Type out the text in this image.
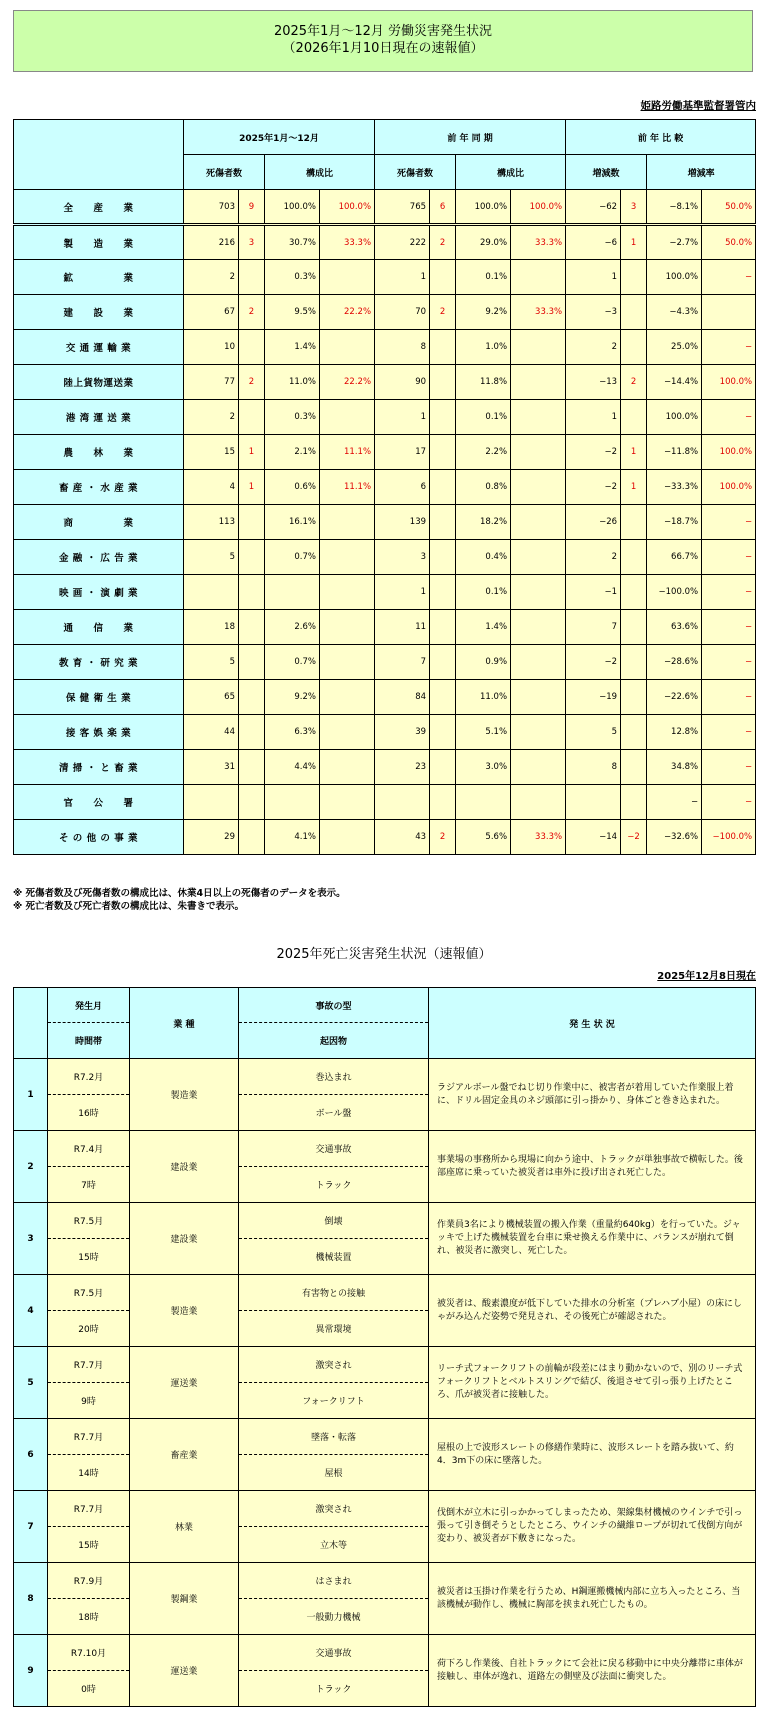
2025年1月～12月 労働災害発生状況
（2026年1月10日現在の速報値）
姫路労働基準監督署管内
	2025年1月～12月				前 年 同 期				前 年 比 較			
	死傷者数		構成比		死傷者数		構成比		増減数		増減率	
全　　産　　業	703	9	100.0%	100.0%	765	6	100.0%	100.0%	−62	3	−8.1%	50.0%
製　　造　　業	216	3	30.7%	33.3%	222	2	29.0%	33.3%	−6	1	−2.7%	50.0%
鉱　　　　　業	2		0.3%		1		0.1%		1		100.0%	−
建　　設　　業	67	2	9.5%	22.2%	70	2	9.2%	33.3%	−3		−4.3%	
交 通 運 輸 業	10		1.4%		8		1.0%		2		25.0%	−
陸上貨物運送業	77	2	11.0%	22.2%	90		11.8%		−13	2	−14.4%	100.0%
港 湾 運 送 業	2		0.3%		1		0.1%		1		100.0%	−
農　　林　　業	15	1	2.1%	11.1%	17		2.2%		−2	1	−11.8%	100.0%
畜 産 ・ 水 産 業	4	1	0.6%	11.1%	6		0.8%		−2	1	−33.3%	100.0%
商　　　　　業	113		16.1%		139		18.2%		−26		−18.7%	−
金 融 ・ 広 告 業	5		0.7%		3		0.4%		2		66.7%	−
映 画 ・ 演 劇 業					1		0.1%		−1		−100.0%	−
通　　信　　業	18		2.6%		11		1.4%		7		63.6%	−
教 育 ・ 研 究 業	5		0.7%		7		0.9%		−2		−28.6%	−
保 健 衛 生 業	65		9.2%		84		11.0%		−19		−22.6%	−
接 客 娯 楽 業	44		6.3%		39		5.1%		5		12.8%	−
清 掃 ・ と 畜 業	31		4.4%		23		3.0%		8		34.8%	−
官　　公　　署											−	−
そ の 他 の 事 業	29		4.1%		43	2	5.6%	33.3%	−14	−2	−32.6%	−100.0%
※ 死傷者数及び死傷者数の構成比は、休業4日以上の死傷者のデータを表示。
※ 死亡者数及び死亡者数の構成比は、朱書きで表示。
2025年死亡災害発生状況（速報値）
2025年12月8日現在
	発生月	業 種	事故の型	発 生 状 況
	時間帯		起因物	
1	R7.2月	製造業	巻込まれ	ラジアルボール盤でねじ切り作業中に、被害者が着用していた作業服上着に、ドリル固定金具のネジ頭部に引っ掛かり、身体ごと巻き込まれた。
	16時		ボール盤	
2	R7.4月	建設業	交通事故	事業場の事務所から現場に向かう途中、トラックが単独事故で横転した。後部座席に乗っていた被災者は車外に投げ出され死亡した。
	7時		トラック	
3	R7.5月	建設業	倒壊	作業員3名により機械装置の搬入作業（重量約640kg）を行っていた。ジャッキで上げた機械装置を台車に乗せ換える作業中に、バランスが崩れて倒れ、被災者に激突し、死亡した。
	15時		機械装置	
4	R7.5月	製造業	有害物との接触	被災者は、酸素濃度が低下していた排水の分析室（プレハブ小屋）の床にしゃがみ込んだ姿勢で発見され、その後死亡が確認された。
	20時		異常環境	
5	R7.7月	運送業	激突され	リーチ式フォークリフトの前輪が段差にはまり動かないので、別のリーチ式フォークリフトとベルトスリングで結び、後退させて引っ張り上げたところ、爪が被災者に接触した。
	9時		フォークリフト	
6	R7.7月	畜産業	墜落・転落	屋根の上で波形スレートの修繕作業時に、波形スレートを踏み抜いて、約4．3m下の床に墜落した。
	14時		屋根	
7	R7.7月	林業	激突され	伐倒木が立木に引っかかってしまったため、架線集材機械のウインチで引っ張って引き倒そうとしたところ、ウインチの繊維ロープが切れて伐倒方向が変わり、被災者が下敷きになった。
	15時		立木等	
8	R7.9月	製鋼業	はさまれ	被災者は玉掛け作業を行うため、H鋼運搬機械内部に立ち入ったところ、当該機械が動作し、機械に胸部を挟まれ死亡したもの。
	18時		一般動力機械	
9	R7.10月	運送業	交通事故	荷下ろし作業後、自社トラックにて会社に戻る移動中に中央分離帯に車体が接触し、車体が逸れ、道路左の側壁及び法面に衝突した。
	0時		トラック	
